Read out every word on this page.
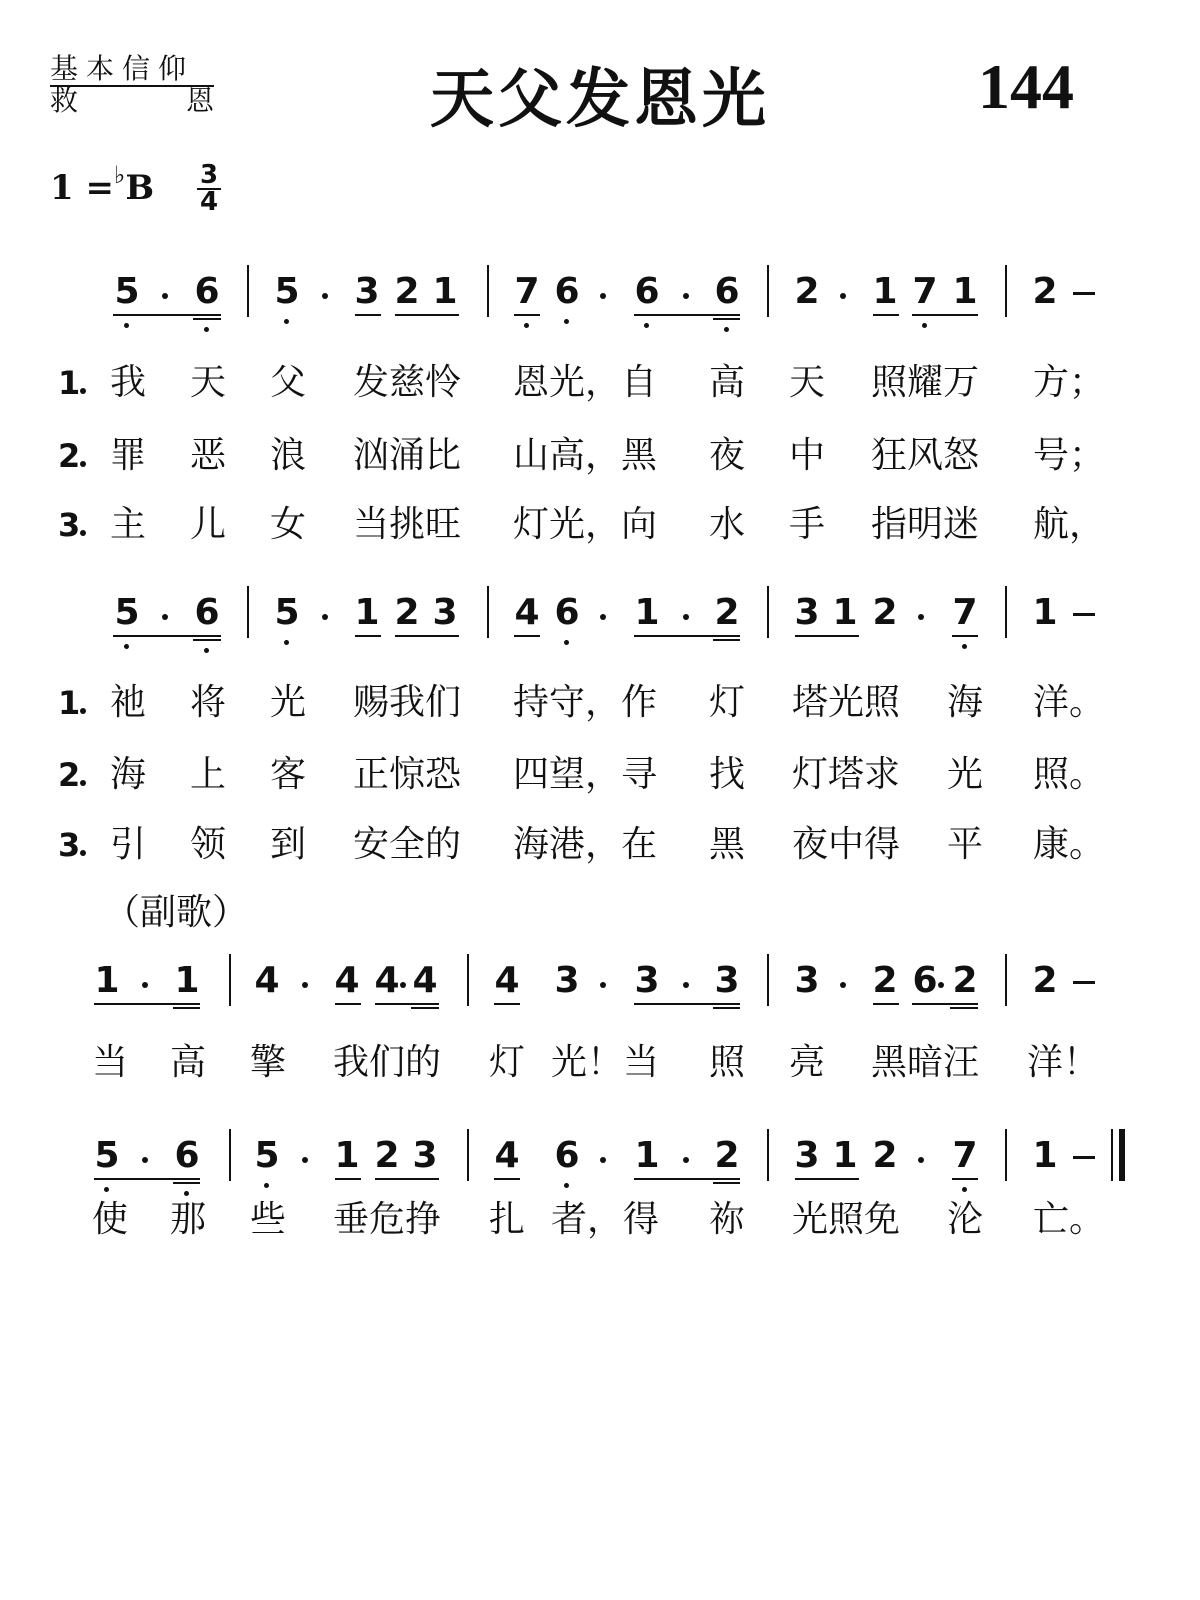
基本信仰
救	恩	天父发恩光	144
1 =♭B 3
4
5 6 5 3 2 1 7 6 6 6 2 1 7 1 2
1 我 天 父 发慈怜 恩光，自 高 天 照耀万 方；
2 罪 恶 浪 汹涌比 山高，黑 夜 中 狂风怒 号；
3 主 儿 女 当挑旺 灯光，向 水 手 指明迷 航，
5 6 5 1 2 3 4 6 1 2 3 1 2 7 1
1 祂 将 光 赐我们 持守，作 灯 塔光照 海 洋。
2 海 上 客 正惊恐 四望，寻 找 灯塔求 光 照。
3 引 领 到 安全的 海港，在 黑 夜中得 平 康。
（副歌）
1 1 4 4 4 4 4 3 3 3 3 2 6 2 2
当 高 擎 我们的 灯 光！当 照 亮 黑暗汪 洋！
5 6 5 1 2 3 4 6 1 2 3 1 2 7 1
使 那 些 垂危挣 扎 者，得 祢 光照免 沦 亡。
